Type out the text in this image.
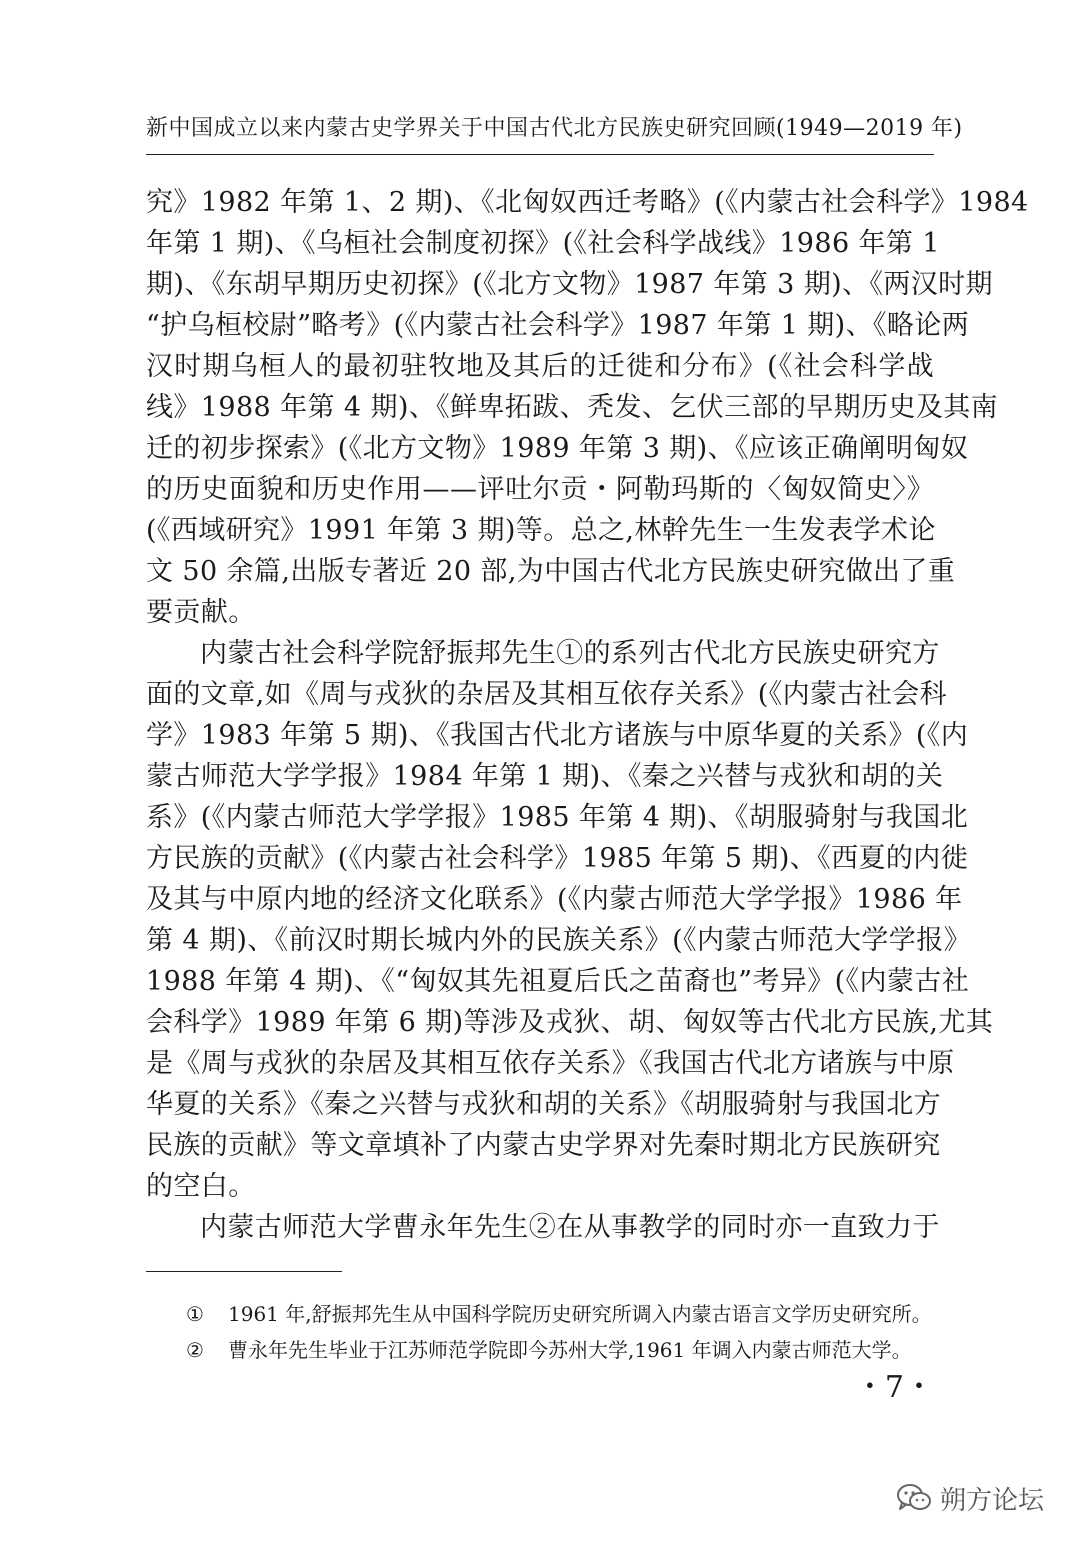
新中国成立以来内蒙古史学界关于中国古代北方民族史研究回顾(1949—2019 年)
究》1982 年第 1、2 期)、《北匈奴西迁考略》(《内蒙古社会科学》1984
年第 1 期)、《乌桓社会制度初探》(《社会科学战线》1986 年第 1
期)、《东胡早期历史初探》(《北方文物》1987 年第 3 期)、《两汉时期
“护乌桓校尉”略考》(《内蒙古社会科学》1987 年第 1 期)、《略论两
汉时期乌桓人的最初驻牧地及其后的迁徙和分布》(《社会科学战
线》1988 年第 4 期)、《鲜卑拓跋、秃发、乞伏三部的早期历史及其南
迁的初步探索》(《北方文物》1989 年第 3 期)、《应该正确阐明匈奴
的历史面貌和历史作用——评吐尔贡・阿勒玛斯的〈匈奴简史〉》
(《西域研究》1991 年第 3 期)等。总之,林幹先生一生发表学术论
文 50 余篇,出版专著近 20 部,为中国古代北方民族史研究做出了重
要贡献。
内蒙古社会科学院舒振邦先生①的系列古代北方民族史研究方
面的文章,如《周与戎狄的杂居及其相互依存关系》(《内蒙古社会科
学》1983 年第 5 期)、《我国古代北方诸族与中原华夏的关系》(《内
蒙古师范大学学报》1984 年第 1 期)、《秦之兴替与戎狄和胡的关
系》(《内蒙古师范大学学报》1985 年第 4 期)、《胡服骑射与我国北
方民族的贡献》(《内蒙古社会科学》1985 年第 5 期)、《西夏的内徙
及其与中原内地的经济文化联系》(《内蒙古师范大学学报》1986 年
第 4 期)、《前汉时期长城内外的民族关系》(《内蒙古师范大学学报》
1988 年第 4 期)、《“匈奴其先祖夏后氏之苗裔也”考异》(《内蒙古社
会科学》1989 年第 6 期)等涉及戎狄、胡、匈奴等古代北方民族,尤其
是《周与戎狄的杂居及其相互依存关系》《我国古代北方诸族与中原
华夏的关系》《秦之兴替与戎狄和胡的关系》《胡服骑射与我国北方
民族的贡献》等文章填补了内蒙古史学界对先秦时期北方民族研究
的空白。
内蒙古师范大学曹永年先生②在从事教学的同时亦一直致力于
① 1961 年,舒振邦先生从中国科学院历史研究所调入内蒙古语言文学历史研究所。
② 曹永年先生毕业于江苏师范学院即今苏州大学,1961 年调入内蒙古师范大学。
・7・
朔方论坛
